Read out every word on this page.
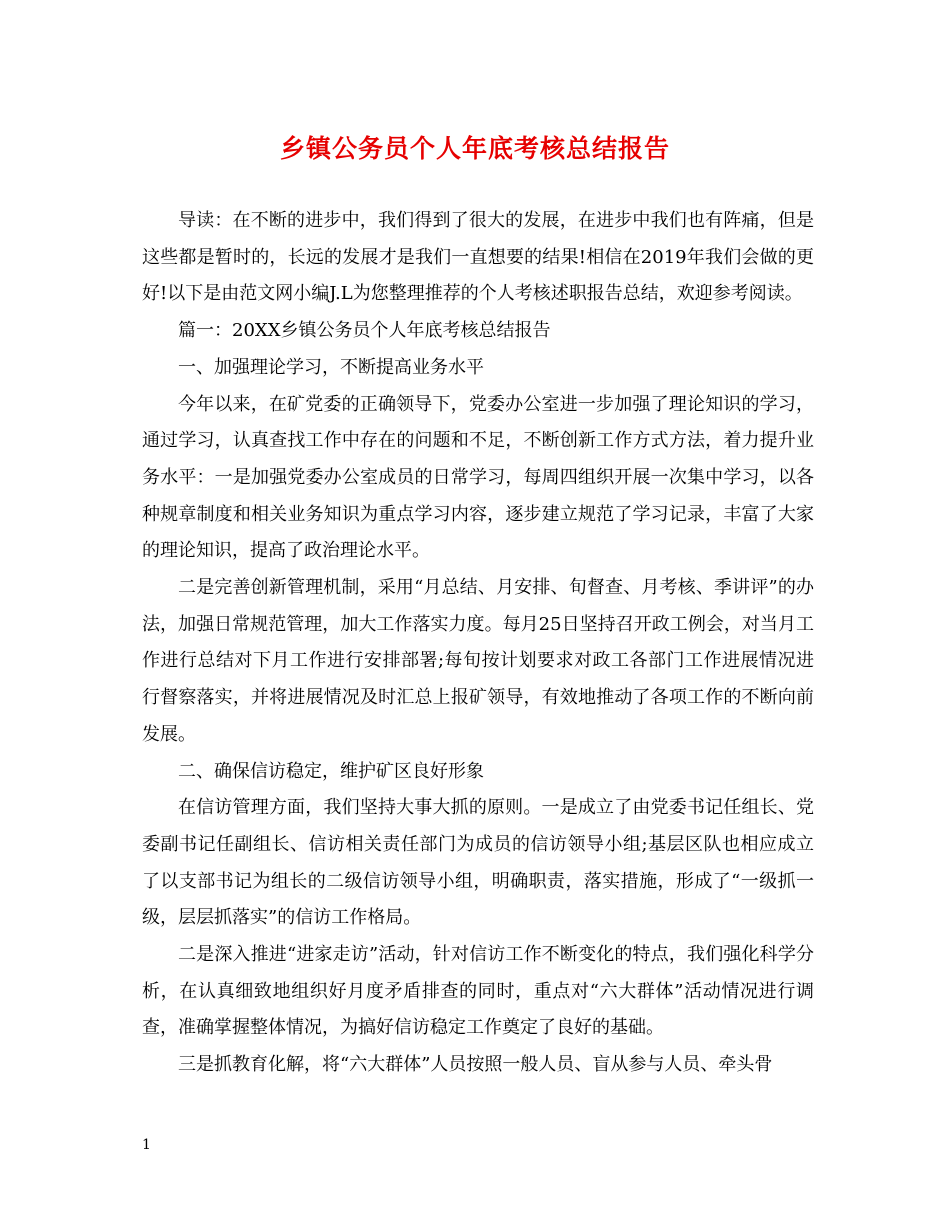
乡镇公务员个人年底考核总结报告

导读：在不断的进步中，我们得到了很大的发展，在进步中我们也有阵痛，但是这些都是暂时的，长远的发展才是我们一直想要的结果!相信在2019年我们会做的更好!以下是由范文网小编J.L为您整理推荐的个人考核述职报告总结，欢迎参考阅读。

篇一：20XX乡镇公务员个人年底考核总结报告

一、加强理论学习，不断提高业务水平

今年以来，在矿党委的正确领导下，党委办公室进一步加强了理论知识的学习，通过学习，认真查找工作中存在的问题和不足，不断创新工作方式方法，着力提升业务水平：一是加强党委办公室成员的日常学习，每周四组织开展一次集中学习，以各种规章制度和相关业务知识为重点学习内容，逐步建立规范了学习记录，丰富了大家的理论知识，提高了政治理论水平。

二是完善创新管理机制，采用“月总结、月安排、旬督查、月考核、季讲评”的办法，加强日常规范管理，加大工作落实力度。每月25日坚持召开政工例会，对当月工作进行总结对下月工作进行安排部署;每旬按计划要求对政工各部门工作进展情况进行督察落实，并将进展情况及时汇总上报矿领导，有效地推动了各项工作的不断向前发展。

二、确保信访稳定，维护矿区良好形象

在信访管理方面，我们坚持大事大抓的原则。一是成立了由党委书记任组长、党委副书记任副组长、信访相关责任部门为成员的信访领导小组;基层区队也相应成立了以支部书记为组长的二级信访领导小组，明确职责，落实措施，形成了“一级抓一级，层层抓落实”的信访工作格局。

二是深入推进“进家走访”活动，针对信访工作不断变化的特点，我们强化科学分析，在认真细致地组织好月度矛盾排查的同时，重点对“六大群体”活动情况进行调查，准确掌握整体情况，为搞好信访稳定工作奠定了良好的基础。

三是抓教育化解，将“六大群体”人员按照一般人员、盲从参与人员、牵头骨

1
